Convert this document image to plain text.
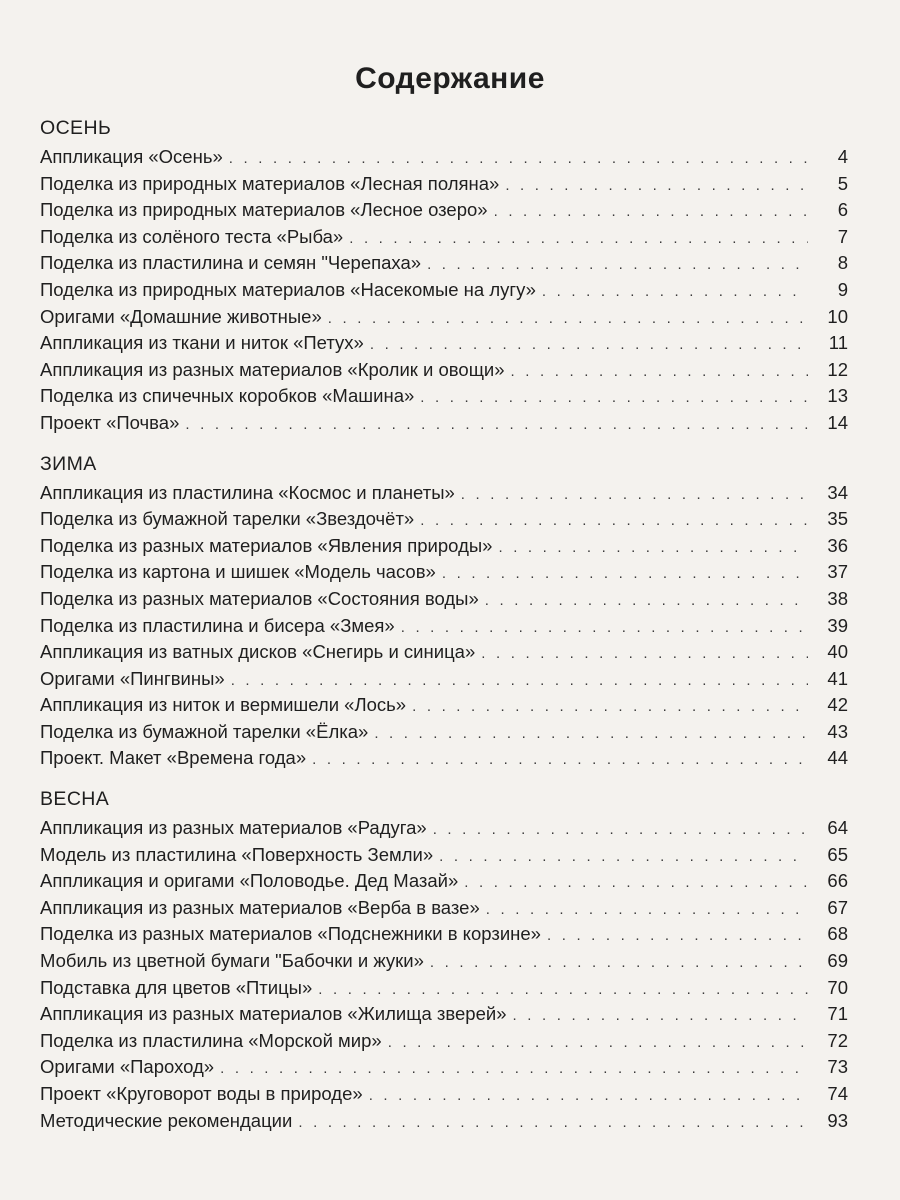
Содержание
ОСЕНЬ
Аппликация «Осень» . . .	4
Поделка из природных материалов «Лесная поляна» . . .	5
Поделка из природных материалов «Лесное озеро» . . .	6
Поделка из солёного теста «Рыба» . . .	7
Поделка из пластилина и семян "Черепаха» . . .	8
Поделка из природных материалов «Насекомые на лугу» . . .	9
Оригами «Домашние животные» . . .	10
Аппликация из ткани и ниток «Петух» . . .	11
Аппликация из разных материалов «Кролик и овощи» . . .	12
Поделка из спичечных коробков «Машина» . . .	13
Проект «Почва» . . .	14
ЗИМА
Аппликация из пластилина «Космос и планеты» . . .	34
Поделка из бумажной тарелки «Звездочёт» . . .	35
Поделка из разных материалов «Явления природы» . . .	36
Поделка из картона и шишек «Модель часов» . . .	37
Поделка из разных материалов «Состояния воды» . . .	38
Поделка из пластилина и бисера «Змея» . . .	39
Аппликация из ватных дисков «Снегирь и синица» . . .	40
Оригами «Пингвины» . . .	41
Аппликация из ниток и вермишели «Лось» . . .	42
Поделка из бумажной тарелки «Ёлка» . . .	43
Проект. Макет «Времена года» . . .	44
ВЕСНА
Аппликация из разных материалов «Радуга» . . .	64
Модель из пластилина «Поверхность Земли» . . .	65
Аппликация и оригами «Половодье. Дед Мазай» . . .	66
Аппликация из разных материалов «Верба в вазе» . . .	67
Поделка из разных материалов «Подснежники в корзине» . . .	68
Мобиль из цветной бумаги "Бабочки и жуки» . . .	69
Подставка для цветов «Птицы» . . .	70
Аппликация из разных материалов «Жилища зверей» . . .	71
Поделка из пластилина «Морской мир» . . .	72
Оригами «Пароход» . . .	73
Проект «Круговорот воды в природе» . . .	74
Методические рекомендации . . .	93
